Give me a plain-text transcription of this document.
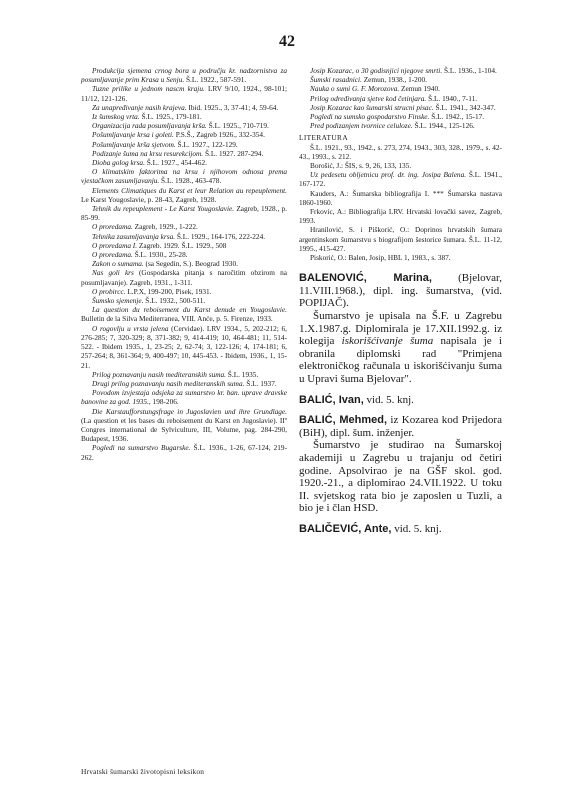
42

Produkcija sjemena crnog bora u području kr. nadzornistva za posumljavanje prim Krasa u Senju. Š.L. 1922., 587-591.

Tuzne prilike u jednom nascm kraju. LRV 9/10, 1924., 98-101; 11/12, 121-126.

Za unapređivanje nasih krajeva. Ibid. 1925., 3, 37-41; 4, 59-64.

Iz šumskog vrta. Š.L. 1925., 179-181.

Organizacija rada posumljavanja krša. Š.L. 1925., 710-719.

Pošumljavanje krsa i goleti. P.S.Š., Zagreb 1926., 332-354.

Pošumljavanje krša sjetvom. Š.L. 1927., 122-129.

Podizanje šuma na krsu resurekcijom. Š.L. 1927. 287-294.

Dioba golog krsa. Š.L. 1927., 454-462.

O klimatskim faktorima na krsu i njihovom odnosa prema vjestačkom zasumljavanju. Š.L. 1928., 463-478.

Elements Climatiques du Karst et leur Relation au repeuplement. Le Karst Yougoslavie, p. 28-43, Zagreb, 1928.

Tehnik du repeuplement - Le Karst Yougoslavie. Zagreb, 1928., p. 85-99.

O proredama. Zagreb, 1929., 1-222.

Tehnika zasumljavanja krsa. Š.L. 1929., 164-176, 222-224.

O proredama I. Zagreb. 1929. Š.L. 1929., 508

O proredama. Š.L. 1930., 25-28.

Zakon o sumama. (sa Segedin, S.). Beograd 1930.

Nas goli krs (Gospodarska pitanja s naročitim obzirom na posumljavanje). Zagreb, 1931., 1-311.

O probircc. L.P.X, 199-200, Pisek, 1931.

Šumsko sjemenje. Š.L. 1932., 500-511.

La question du reboisement du Karst denude en Yougoslavie. Bulletin de la Silva Mediterranea, VIII. Anće, p. 5. Firenze, 1933.

O rogovlju u vrsta jelena (Cervidae). LRV 1934., 5, 202-212; 6, 276-285; 7, 320-329; 8, 371-382; 9, 414-419; 10, 464-481; 11, 514-522. - Ibidem 1935., 1, 23-25; 2, 62-74; 3, 122-126; 4, 174-181; 6, 257-264; 8, 361-364; 9, 400-497; 10, 445-453. - Ibidem, 1936., 1, 15-21.

Prilog poznavanju nasih mediteranskih suma. Š.L. 1935.

Drugi prilog poznavanju nasih mediteranskih suma. Š.L. 1937.

Povodom izvjestaja odsjeka za sumarstvo kr. ban. uprave dravske banovine za god. 1935., 198-206.

Die Karstaufforstungsfrage in Jugoslavien und ihre Grundlage. (La question et les bases du reboisement du Karst en Jugoslavie). IIº Congres international de Sylviculture, III, Volume, pag. 284-290, Budapest, 1936.

Pogledi na sumarstvo Bugarske. Š.L. 1936., 1-26, 67-124, 219-262.

Josip Kozarac, o 30 godisnjici njegove smrti. Š.L. 1936., 1-104.

Šumski rasadnici. Zemun, 1938., 1-200.

Nauka o sumi G. F. Morozova. Zemun 1940.

Prilog određivanja sjetve kod četinjara. Š.L. 1940., 7-11.

Josip Kozarac kao šumarski strucni pisac. Š.L. 1941., 342-347.

Pogledi na sumsko gospodarstvo Finske. Š.L. 1942., 15-17.

Pred podizanjem tvornice celuloze. Š.L. 1944., 125-126.

LITERATURA

Š.L. 1921., 93., 1942., s. 273, 274, 1943., 303, 328., 1979., s. 42-43., 1993., s. 212.

Borošić, J.: ŠIS, s. 9, 26, 133, 135.

Uz pedesetu obljetnicu prof. dr. ing. Josipa Balena. Š.L. 1941., 167-172.

Kauders, A.: Šumarska bibliografija I. *** Šumarska nastava 1860-1960.

Frkovic, A.: Bibliografija LRV. Hrvatski lovački savez, Zagreb, 1993.

Hranilović, S. i Piškorić, O.: Doprinos hrvatskih šumara argentinskom šumarstvu s biografijom šestorice šumara. Š.L. 11-12, 1995., 415-427.

Piskorić, O.: Balen, Josip, HBL 1, 1983., s. 387.

BALENOVIĆ, Marina, (Bjelovar, 11.VIII.1968.), dipl. ing. šumarstva, (vid. POPIJAČ).

Šumarstvo je upisala na Š.F. u Zagrebu 1.X.1987.g. Diplomirala je 17.XII.1992.g. iz kolegija iskorišćivanje šuma napisala je i obranila diplomski rad "Primjena elektroničkog računala u iskorišćivanju šuma u Upravi šuma Bjelovar".

BALIĆ, Ivan, vid. 5. knj.
BALIĆ, Mehmed, iz Kozarea kod Prijedora (BiH), dipl. šum. inženjer.

Šumarstvo je studirao na Šumarskoj akademiji u Zagrebu u trajanju od četiri godine. Apsolvirao je na GŠF skol. god. 1920.-21., a diplomirao 24.VII.1922. U toku II. svjetskog rata bio je zaposlen u Tuzli, a bio je i član HSD.

BALIČEVIĆ, Ante, vid. 5. knj.
Hrvatski šumarski životopisni leksikon
